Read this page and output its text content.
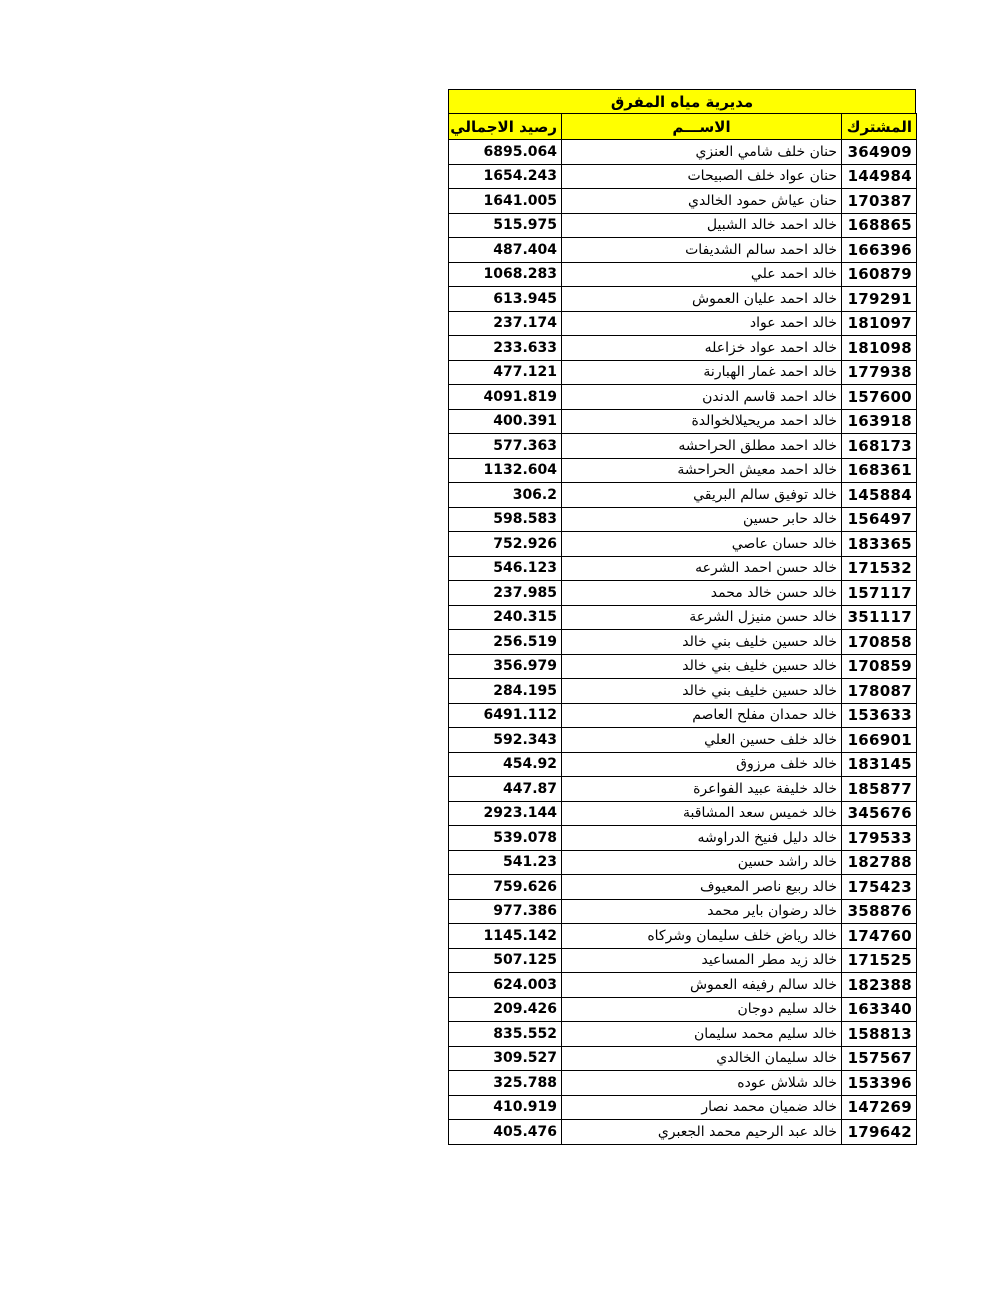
مديرية مياه المفرق
المشترك	الاســـم	رصيد الاجمالي
364909	حنان خلف شامي العنزي	6895.064
144984	حنان عواد خلف الصبيحات	1654.243
170387	حنان عياش حمود الخالدي	1641.005
168865	خالد احمد خالد الشبيل	515.975
166396	خالد احمد سالم الشديفات	487.404
160879	خالد احمد علي	1068.283
179291	خالد احمد عليان العموش	613.945
181097	خالد احمد عواد	237.174
181098	خالد احمد عواد خزاعله	233.633
177938	خالد احمد غمار الهبارنة	477.121
157600	خالد احمد قاسم الدندن	4091.819
163918	خالد احمد مريحيلالخوالدة	400.391
168173	خالد احمد مطلق الحراحشه	577.363
168361	خالد احمد معيش الحراحشة	1132.604
145884	خالد توفيق سالم البريقي	306.2
156497	خالد حابر حسين	598.583
183365	خالد حسان عاصي	752.926
171532	خالد حسن احمد الشرعه	546.123
157117	خالد حسن خالد محمد	237.985
351117	خالد حسن منيزل الشرعة	240.315
170858	خالد حسين خليف بني خالد	256.519
170859	خالد حسين خليف بني خالد	356.979
178087	خالد حسين خليف بني خالد	284.195
153633	خالد حمدان مفلح العاصم	6491.112
166901	خالد خلف حسين العلي	592.343
183145	خالد خلف مرزوق	454.92
185877	خالد خليفة عبيد الفواعرة	447.87
345676	خالد خميس سعد المشاقبة	2923.144
179533	خالد دليل فنيخ الدراوشه	539.078
182788	خالد راشد حسين	541.23
175423	خالد ربيع ناصر المعيوف	759.626
358876	خالد رضوان باير محمد	977.386
174760	خالد رياض خلف سليمان وشركاه	1145.142
171525	خالد زيد مطر المساعيد	507.125
182388	خالد سالم رفيفه العموش	624.003
163340	خالد سليم دوجان	209.426
158813	خالد سليم محمد سليمان	835.552
157567	خالد سليمان الخالدي	309.527
153396	خالد شلاش عوده	325.788
147269	خالد ضميان محمد نصار	410.919
179642	خالد عبد الرحيم محمد الجعبري	405.476
